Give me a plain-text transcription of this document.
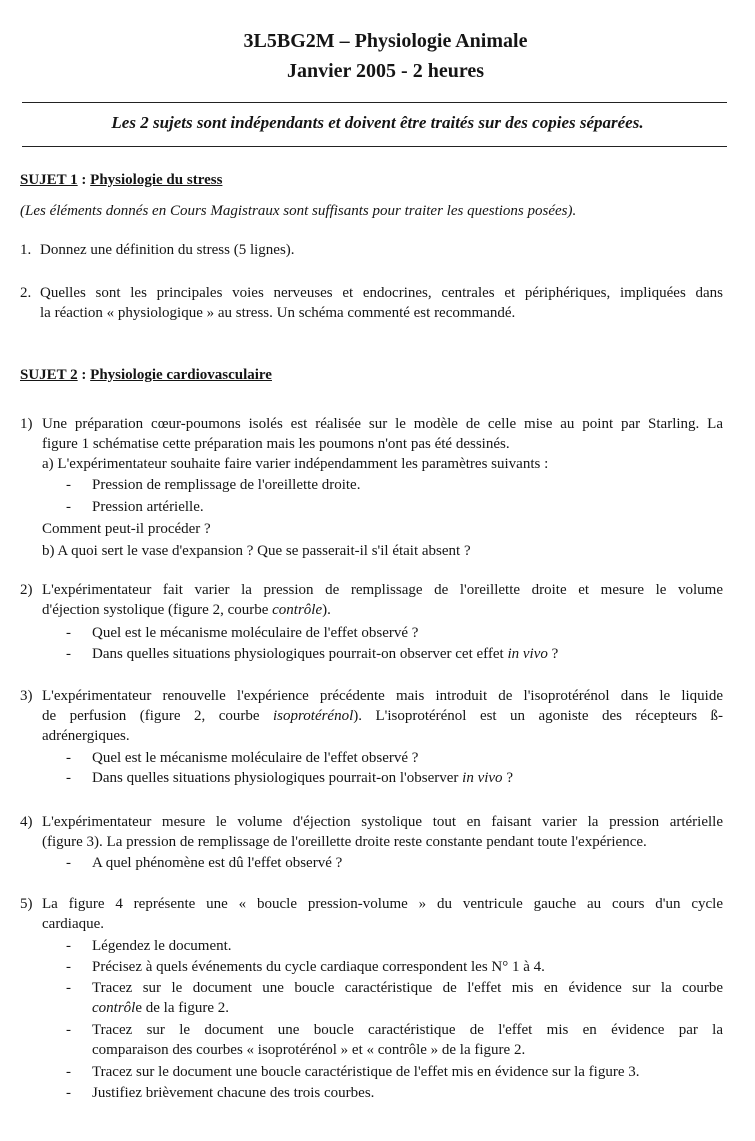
3L5BG2M – Physiologie Animale
Janvier 2005 - 2 heures
Les 2 sujets sont indépendants et doivent être traités sur des copies séparées.
SUJET 1 : Physiologie du stress
(Les éléments donnés en Cours Magistraux sont suffisants pour traiter les questions posées).
1. Donnez une définition du stress (5 lignes).
2. Quelles sont les principales voies nerveuses et endocrines, centrales et périphériques, impliquées dans
la réaction « physiologique » au stress. Un schéma commenté est recommandé.
SUJET 2 : Physiologie cardiovasculaire
1) Une préparation cœur-poumons isolés est réalisée sur le modèle de celle mise au point par Starling. La
figure 1 schématise cette préparation mais les poumons n'ont pas été dessinés.
a) L'expérimentateur souhaite faire varier indépendamment les paramètres suivants :
- Pression de remplissage de l'oreillette droite.
- Pression artérielle.
Comment peut-il procéder ?
b) A quoi sert le vase d'expansion ? Que se passerait-il s'il était absent ?
2) L'expérimentateur fait varier la pression de remplissage de l'oreillette droite et mesure le volume
d'éjection systolique (figure 2, courbe contrôle).
- Quel est le mécanisme moléculaire de l'effet observé ?
- Dans quelles situations physiologiques pourrait-on observer cet effet in vivo ?
3) L'expérimentateur renouvelle l'expérience précédente mais introduit de l'isoprotérénol dans le liquide
de perfusion (figure 2, courbe isoprotérénol). L'isoprotérénol est un agoniste des récepteurs ß-
adrénergiques.
- Quel est le mécanisme moléculaire de l'effet observé ?
- Dans quelles situations physiologiques pourrait-on l'observer in vivo ?
4) L'expérimentateur mesure le volume d'éjection systolique tout en faisant varier la pression artérielle
(figure 3). La pression de remplissage de l'oreillette droite reste constante pendant toute l'expérience.
- A quel phénomène est dû l'effet observé ?
5) La figure 4 représente une « boucle pression-volume » du ventricule gauche au cours d'un cycle
cardiaque.
- Légendez le document.
- Précisez à quels événements du cycle cardiaque correspondent les N° 1 à 4.
- Tracez sur le document une boucle caractéristique de l'effet mis en évidence sur la courbe
contrôle de la figure 2.
- Tracez sur le document une boucle caractéristique de l'effet mis en évidence par la
comparaison des courbes « isoprotérénol » et « contrôle » de la figure 2.
- Tracez sur le document une boucle caractéristique de l'effet mis en évidence sur la figure 3.
- Justifiez brièvement chacune des trois courbes.
